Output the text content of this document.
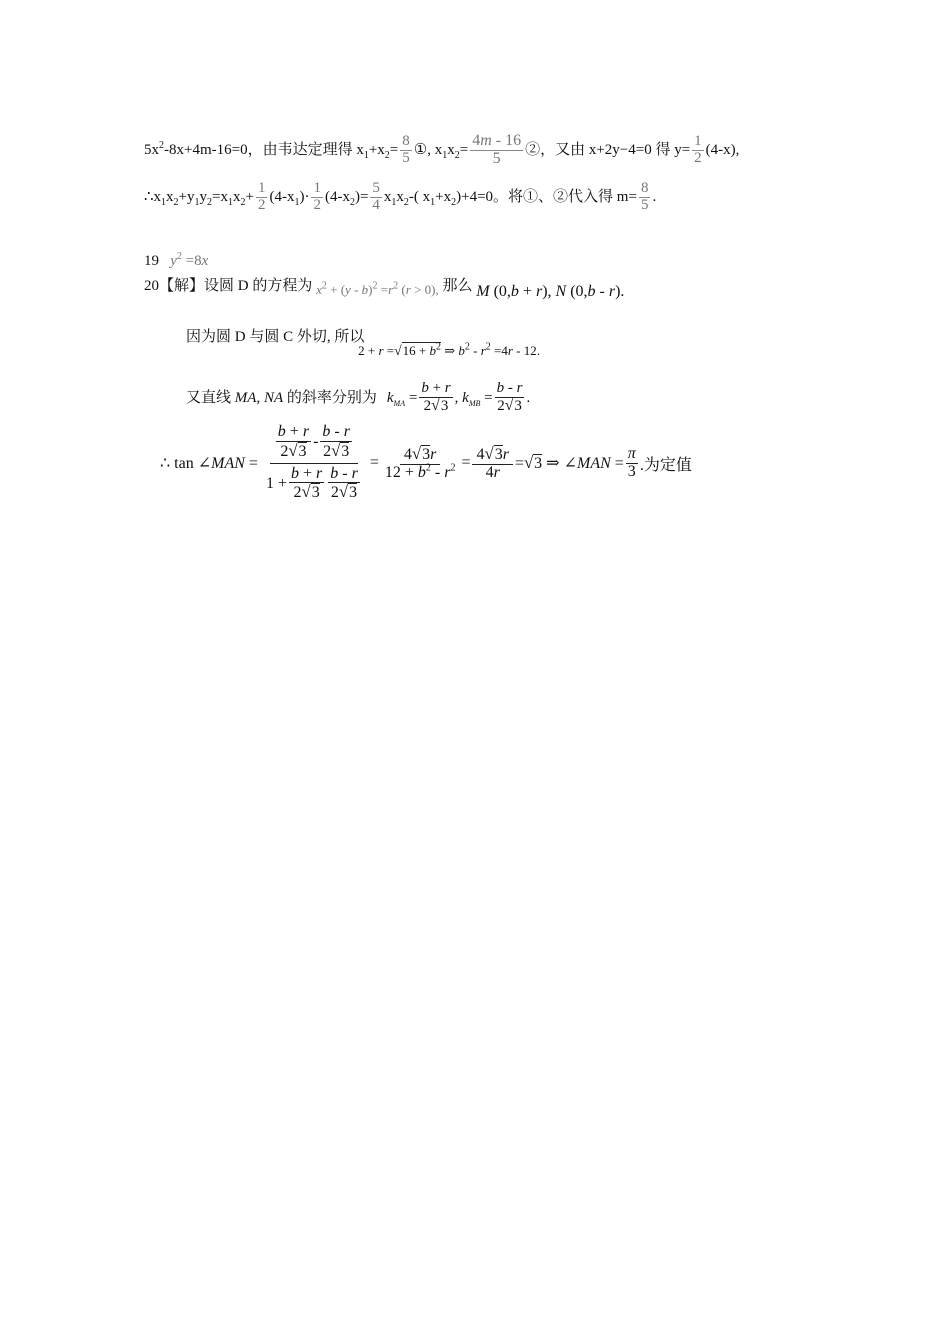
$5x^2-8x+4m-16=0$，由韦达定理得 $x_1+x_2= \frac{8}{5}$ ①, $x_1x_2= \frac{4m - 16}{5}$ ②，又由 x+2y−4=0 得 $y= \frac{1}{2} (4-x)$,
$\therefore x_1x_2+y_1y_2=x_1x_2+ \frac{1}{2} (4-x_1)\cdot \frac{1}{2} (4-x_2)= \frac{5}{4} x_1x_2-$( $x_1+x_2)+4=0$。将①、②代入得 $m= \frac{8}{5}$ .
19 $y^2 =8x$
20【解】设圆 D 的方程为 $x^2 + (y - b)^2 =r^2$ (r > 0), 那么 M (0,b + r), N (0,b - r).
因为圆 D 与圆 C 外切, 所以 $2 + r =√16 + b^2$ ⇒ $b^2 - r^2 =4r - 12$.
又直线 MA, NA 的斜率分别为 $k_{MA} = \frac{b + r}{2√3}$ , $k_{MB} = \frac{b - r}{2√3}$ .
∴ tan ∠MAN = $\frac{\frac{b + r}{2√3} - \frac{b - r}{2√3}}{1 + \frac{b + r}{2√3} \frac{b - r}{2√3}} = \frac{4√3r}{12 + b^2 - r^2} = \frac{4√3r}{4r} =√3$ ⇒ ∠MAN = $\frac{\pi}{3}$ .为定值
